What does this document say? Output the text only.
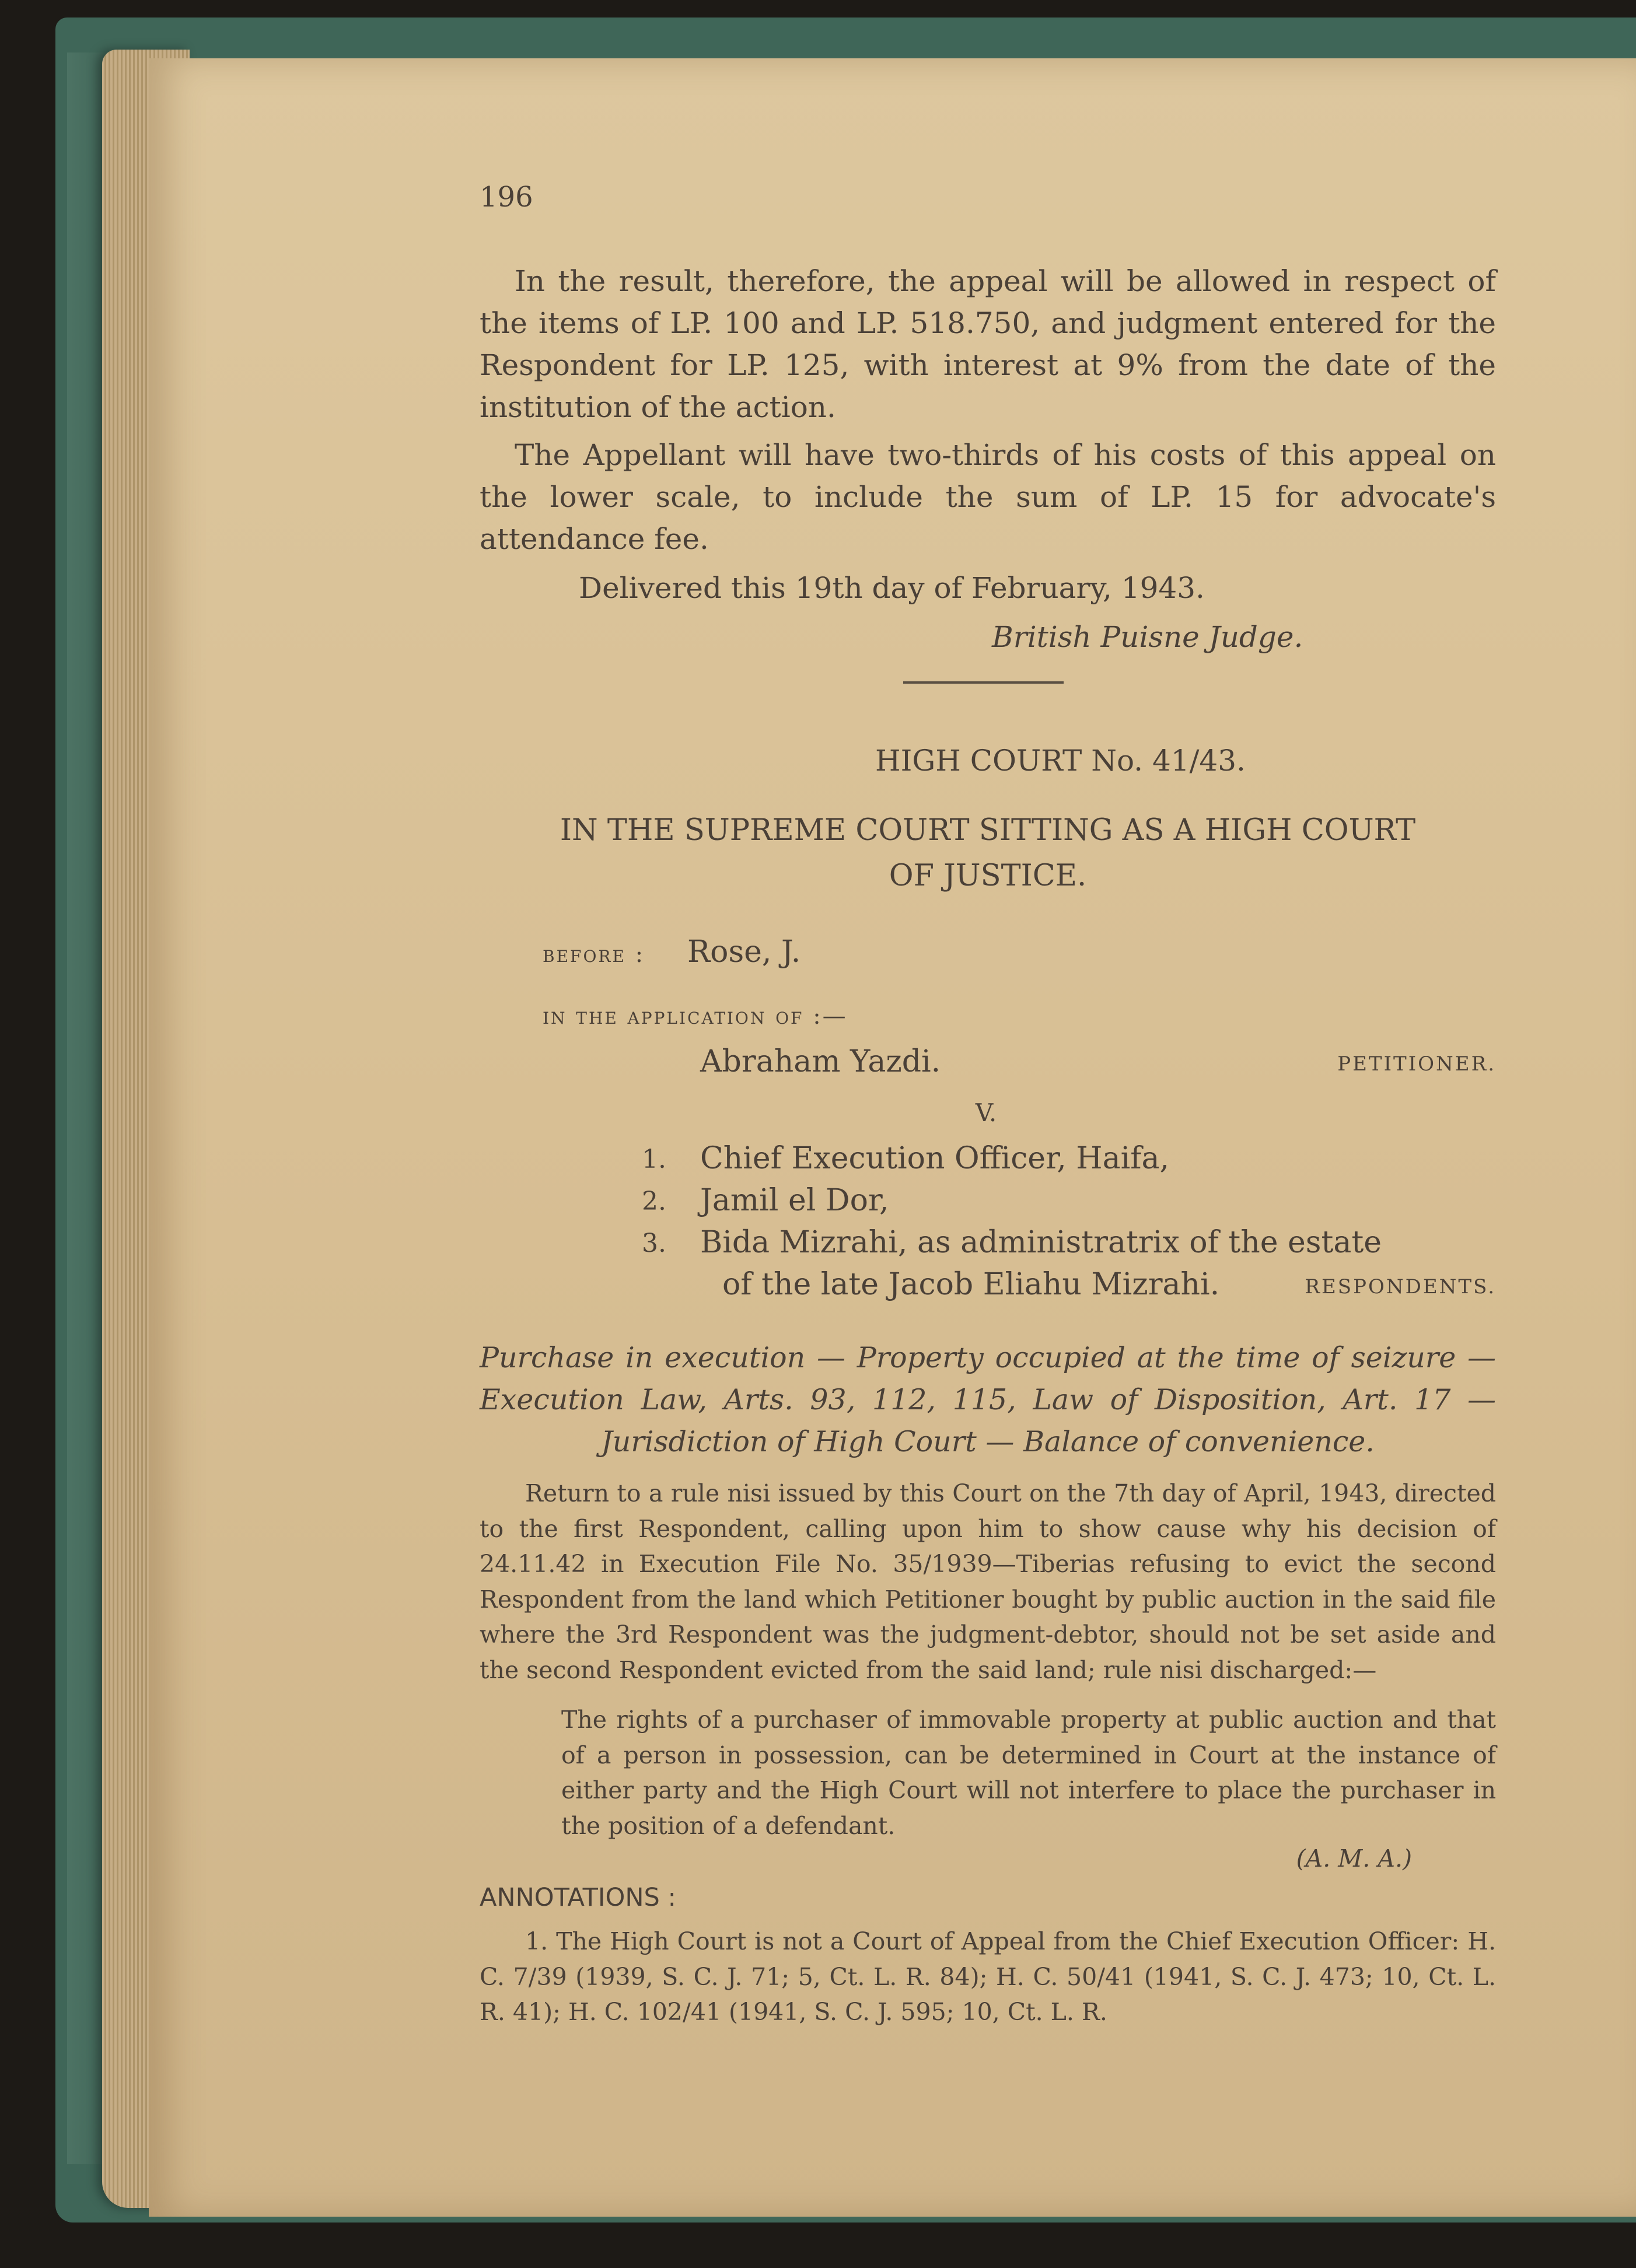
196
In the result, therefore, the appeal will be allowed in respect of the items of LP. 100 and LP. 518.750, and judgment entered for the Respondent for LP. 125, with interest at 9% from the date of the institution of the action.
The Appellant will have two-thirds of his costs of this appeal on the lower scale, to include the sum of LP. 15 for advocate's attendance fee.
Delivered this 19th day of February, 1943.
British Puisne Judge.
HIGH COURT No. 41/43.
IN THE SUPREME COURT SITTING AS A HIGH COURT
OF JUSTICE.
before : Rose, J.
in the application of :—
Abraham Yazdi.	PETITIONER.
V.
1. Chief Execution Officer, Haifa,
2. Jamil el Dor,
3. Bida Mizrahi, as administratrix of the estate
of the late Jacob Eliahu Mizrahi.	RESPONDENTS.
Purchase in execution — Property occupied at the time of seizure —
Execution Law, Arts. 93, 112, 115, Law of Disposition, Art. 17 —
Jurisdiction of High Court — Balance of convenience.
Return to a rule nisi issued by this Court on the 7th day of April, 1943, directed to the first Respondent, calling upon him to show cause why his decision of 24.11.42 in Execution File No. 35/1939—Tiberias refusing to evict the second Respondent from the land which Petitioner bought by public auction in the said file where the 3rd Respondent was the judgment-debtor, should not be set aside and the second Respondent evicted from the said land; rule nisi discharged:—
The rights of a purchaser of immovable property at public auction and that of a person in possession, can be determined in Court at the instance of either party and the High Court will not interfere to place the purchaser in the position of a defendant.
(A. M. A.)
ANNOTATIONS :
1. The High Court is not a Court of Appeal from the Chief Execution Officer: H. C. 7/39 (1939, S. C. J. 71; 5, Ct. L. R. 84); H. C. 50/41 (1941, S. C. J. 473; 10, Ct. L. R. 41); H. C. 102/41 (1941, S. C. J. 595; 10, Ct. L. R.
